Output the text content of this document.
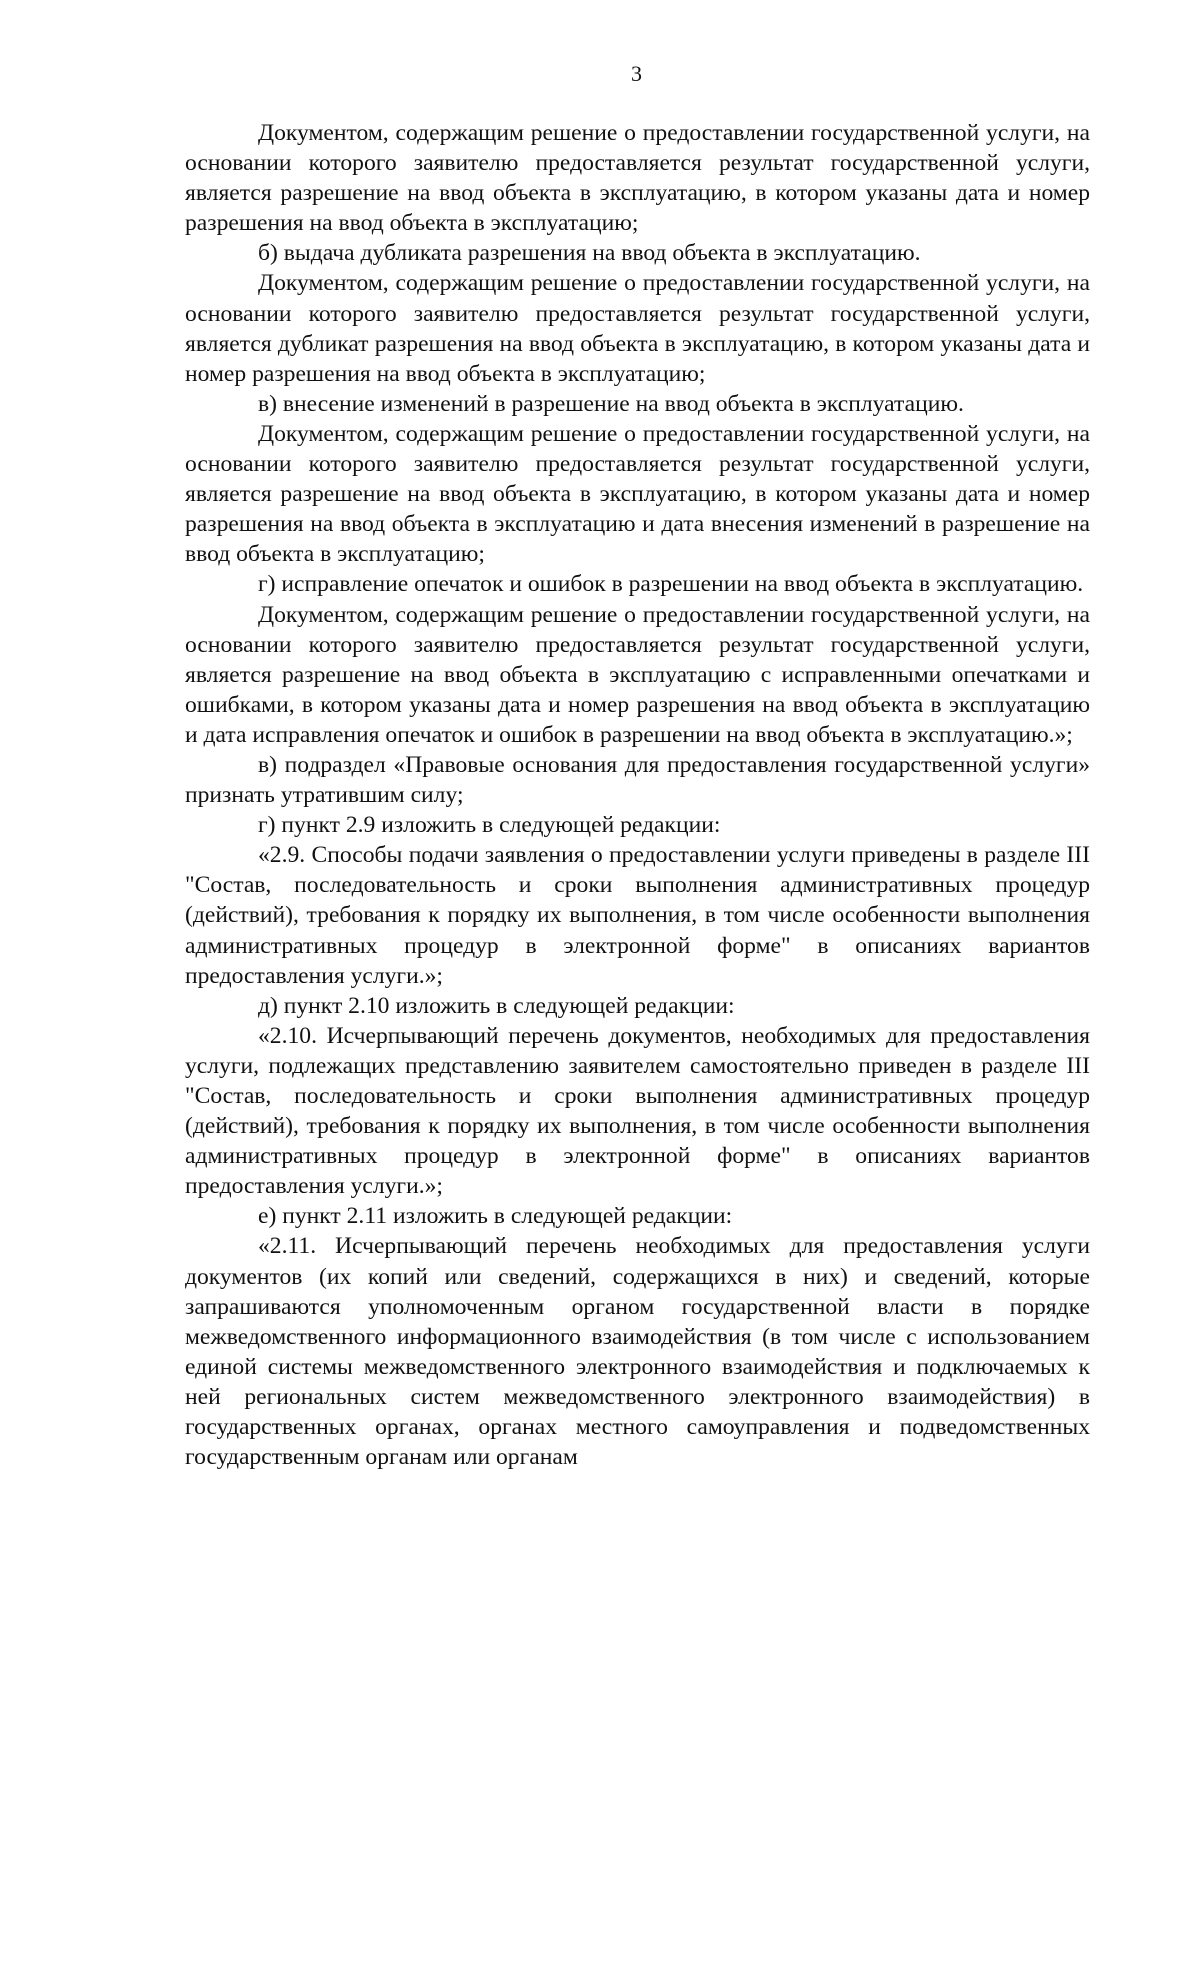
3

Документом, содержащим решение о предоставлении государственной услуги, на основании которого заявителю предоставляется результат государственной услуги, является разрешение на ввод объекта в эксплуатацию, в котором указаны дата и номер разрешения на ввод объекта в эксплуатацию;

б) выдача дубликата разрешения на ввод объекта в эксплуатацию.

Документом, содержащим решение о предоставлении государственной услуги, на основании которого заявителю предоставляется результат государственной услуги, является дубликат разрешения на ввод объекта в эксплуатацию, в котором указаны дата и номер разрешения на ввод объекта в эксплуатацию;

в) внесение изменений в разрешение на ввод объекта в эксплуатацию.

Документом, содержащим решение о предоставлении государственной услуги, на основании которого заявителю предоставляется результат государственной услуги, является разрешение на ввод объекта в эксплуатацию, в котором указаны дата и номер разрешения на ввод объекта в эксплуатацию и дата внесения изменений в разрешение на ввод объекта в эксплуатацию;

г) исправление опечаток и ошибок в разрешении на ввод объекта в эксплуатацию.

Документом, содержащим решение о предоставлении государственной услуги, на основании которого заявителю предоставляется результат государственной услуги, является разрешение на ввод объекта в эксплуатацию с исправленными опечатками и ошибками, в котором указаны дата и номер разрешения на ввод объекта в эксплуатацию и дата исправления опечаток и ошибок в разрешении на ввод объекта в эксплуатацию.»;

в) подраздел «Правовые основания для предоставления государственной услуги» признать утратившим силу;

г) пункт 2.9 изложить в следующей редакции:

«2.9. Способы подачи заявления о предоставлении услуги приведены в разделе III "Состав, последовательность и сроки выполнения административных процедур (действий), требования к порядку их выполнения, в том числе особенности выполнения административных процедур в электронной форме" в описаниях вариантов предоставления услуги.»;

д) пункт 2.10 изложить в следующей редакции:

«2.10. Исчерпывающий перечень документов, необходимых для предоставления услуги, подлежащих представлению заявителем самостоятельно приведен в разделе III "Состав, последовательность и сроки выполнения административных процедур (действий), требования к порядку их выполнения, в том числе особенности выполнения административных процедур в электронной форме" в описаниях вариантов предоставления услуги.»;

е) пункт 2.11 изложить в следующей редакции:

«2.11. Исчерпывающий перечень необходимых для предоставления услуги документов (их копий или сведений, содержащихся в них) и сведений, которые запрашиваются уполномоченным органом государственной власти в порядке межведомственного информационного взаимодействия (в том числе с использованием единой системы межведомственного электронного взаимодействия и подключаемых к ней региональных систем межведомственного электронного взаимодействия) в государственных органах, органах местного самоуправления и подведомственных государственным органам или органам
